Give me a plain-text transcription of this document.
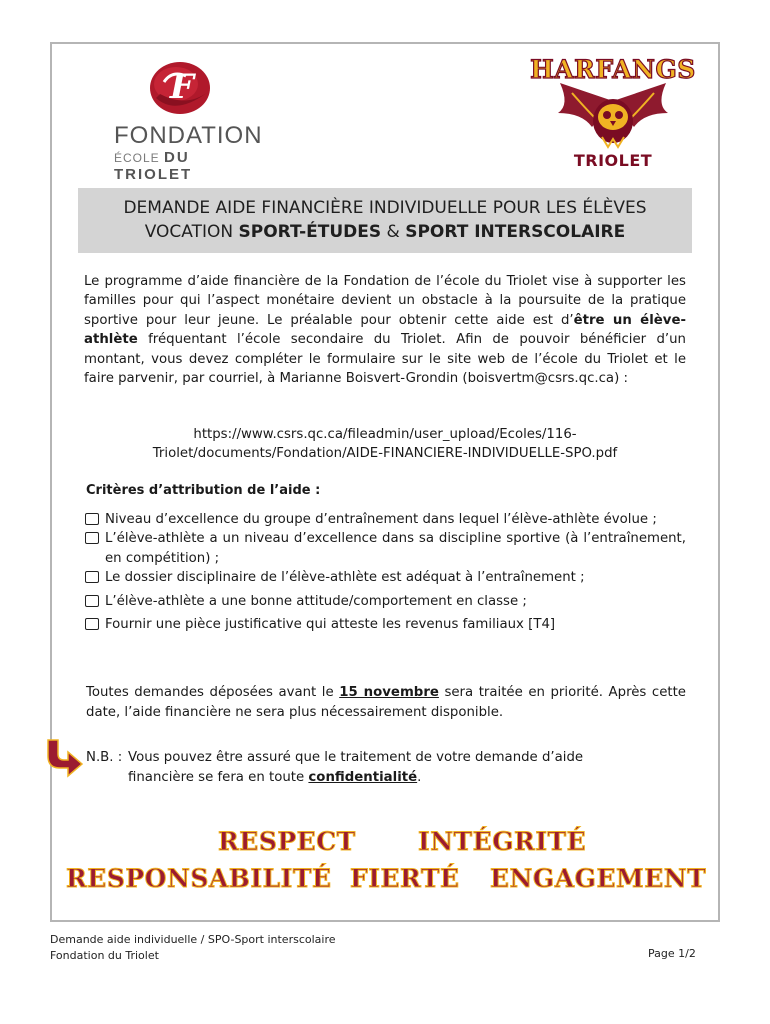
F
FONDATION
ÉCOLE DU TRIOLET
HARFANGS
TRIOLET
DEMANDE AIDE FINANCIÈRE INDIVIDUELLE POUR LES ÉLÈVES
VOCATION SPORT-ÉTUDES & SPORT INTERSCOLAIRE
Le programme d’aide financière de la Fondation de l’école du Triolet vise à supporter les familles pour qui l’aspect monétaire devient un obstacle à la poursuite de la pratique sportive pour leur jeune. Le préalable pour obtenir cette aide est d’être un élève-athlète fréquentant l’école secondaire du Triolet. Afin de pouvoir bénéficier d’un montant, vous devez compléter le formulaire sur le site web de l’école du Triolet et le faire parvenir, par courriel, à Marianne Boisvert-Grondin (boisvertm@csrs.qc.ca) :
https://www.csrs.qc.ca/fileadmin/user_upload/Ecoles/116-
Triolet/documents/Fondation/AIDE-FINANCIERE-INDIVIDUELLE-SPO.pdf
Critères d’attribution de l’aide :
Niveau d’excellence du groupe d’entraînement dans lequel l’élève-athlète évolue ;
L’élève-athlète a un niveau d’excellence dans sa discipline sportive (à l’entraînement, en compétition) ;
Le dossier disciplinaire de l’élève-athlète est adéquat à l’entraînement ;
L’élève-athlète a une bonne attitude/comportement en classe ;
Fournir une pièce justificative qui atteste les revenus familiaux [T4]
Toutes demandes déposées avant le 15 novembre sera traitée en priorité. Après cette date, l’aide financière ne sera plus nécessairement disponible.
N.B. : Vous pouvez être assuré que le traitement de votre demande d’aide
financière se fera en toute confidentialité.
RESPECT INTÉGRITÉ
RESPONSABILITÉ FIERTÉ ENGAGEMENT
Demande aide individuelle / SPO-Sport interscolaire
Fondation du Triolet	Page 1/2
